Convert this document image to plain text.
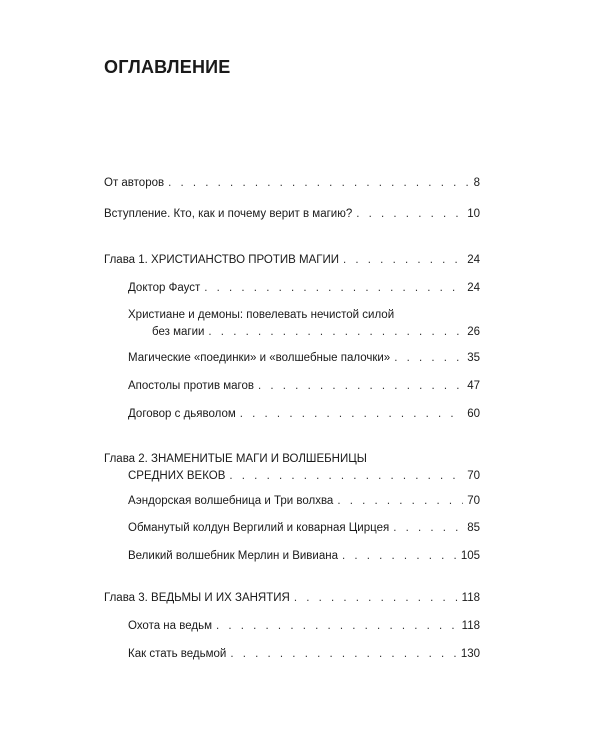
ОГЛАВЛЕНИЕ
От авторов . . .	8
Вступление. Кто, как и почему верит в магию? . . .	10
Глава 1. ХРИСТИАНСТВО ПРОТИВ МАГИИ . . .	24
Доктор Фауст . . .	24
Христиане и демоны: повелевать нечистой силой
без магии . . .	26
Магические «поединки» и «волшебные палочки» . . .	35
Апостолы против магов . . .	47
Договор с дьяволом . . .	60
Глава 2. ЗНАМЕНИТЫЕ МАГИ И ВОЛШЕБНИЦЫ
СРЕДНИХ ВЕКОВ . . .	70
Аэндорская волшебница и Три волхва . . .	70
Обманутый колдун Вергилий и коварная Цирцея . . .	85
Великий волшебник Мерлин и Вивиана . . .	105
Глава 3. ВЕДЬМЫ И ИХ ЗАНЯТИЯ . . .	118
Охота на ведьм . . .	118
Как стать ведьмой . . .	130
